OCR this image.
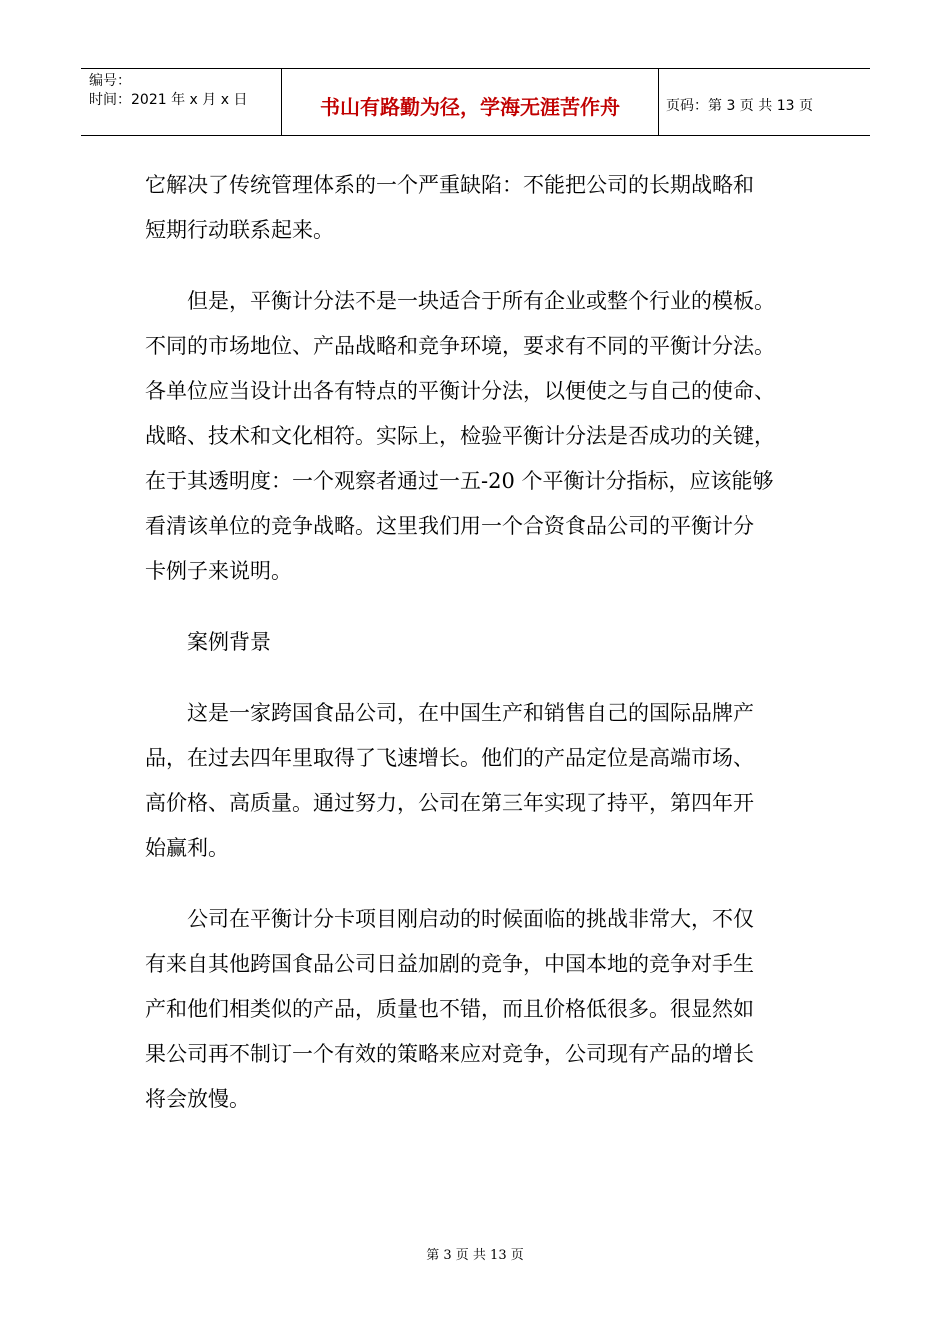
编号：
时间：2021 年 x 月 x 日	书山有路勤为径，学海无涯苦作舟	页码：第 3 页 共 13 页

它解决了传统管理体系的一个严重缺陷：不能把公司的长期战略和
短期行动联系起来。

但是，平衡计分法不是一块适合于所有企业或整个行业的模板。
不同的市场地位、产品战略和竞争环境，要求有不同的平衡计分法。
各单位应当设计出各有特点的平衡计分法，以便使之与自己的使命、
战略、技术和文化相符。实际上，检验平衡计分法是否成功的关键，
在于其透明度：一个观察者通过一五-20 个平衡计分指标，应该能够
看清该单位的竞争战略。这里我们用一个合资食品公司的平衡计分
卡例子来说明。

案例背景

这是一家跨国食品公司，在中国生产和销售自己的国际品牌产
品，在过去四年里取得了飞速增长。他们的产品定位是高端市场、
高价格、高质量。通过努力，公司在第三年实现了持平，第四年开
始赢利。

公司在平衡计分卡项目刚启动的时候面临的挑战非常大，不仅
有来自其他跨国食品公司日益加剧的竞争，中国本地的竞争对手生
产和他们相类似的产品，质量也不错，而且价格低很多。很显然如
果公司再不制订一个有效的策略来应对竞争，公司现有产品的增长
将会放慢。

第 3 页 共 13 页
